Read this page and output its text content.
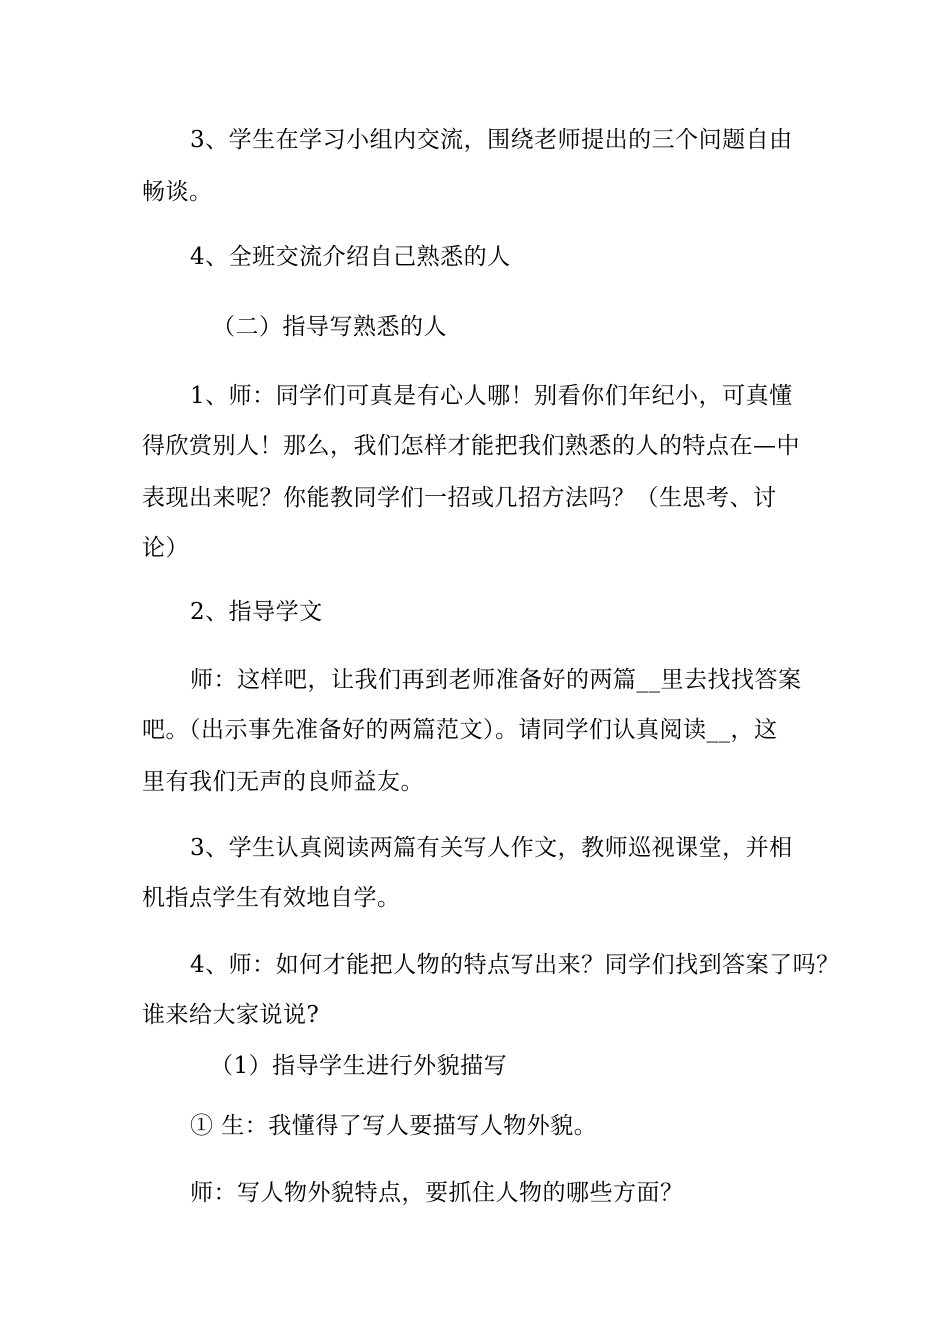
3、学生在学习小组内交流，围绕老师提出的三个问题自由
畅谈。
4、全班交流介绍自己熟悉的人
（二）指导写熟悉的人
1、师：同学们可真是有心人哪！别看你们年纪小，可真懂
得欣赏别人！那么，我们怎样才能把我们熟悉的人的特点在—中
表现出来呢？你能教同学们一招或几招方法吗？（生思考、讨
论）
2、指导学文
师：这样吧，让我们再到老师准备好的两篇__里去找找答案
吧。（出示事先准备好的两篇范文）。请同学们认真阅读__，这
里有我们无声的良师益友。
3、学生认真阅读两篇有关写人作文，教师巡视课堂，并相
机指点学生有效地自学。
4、师：如何才能把人物的特点写出来？同学们找到答案了吗？
谁来给大家说说?
（1）指导学生进行外貌描写
① 生：我懂得了写人要描写人物外貌。
师：写人物外貌特点，要抓住人物的哪些方面？
